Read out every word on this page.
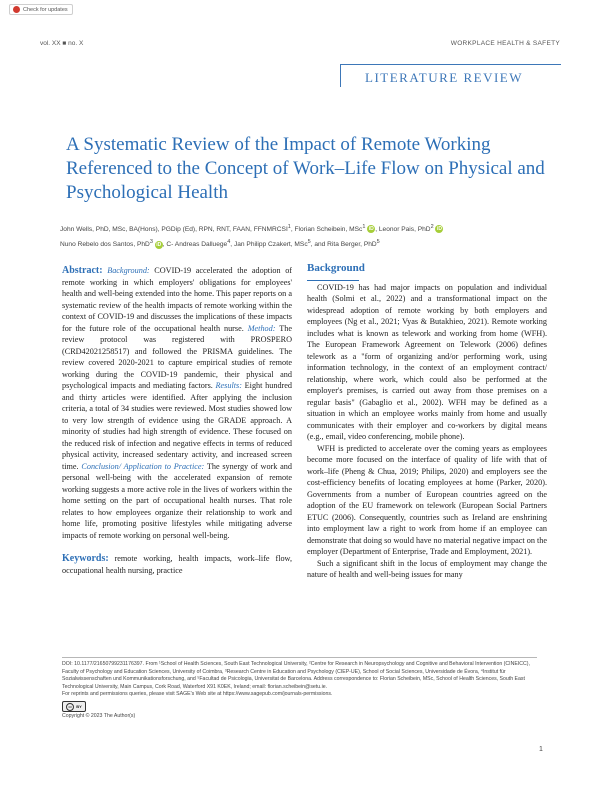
Check for updates
vol. XX ■ no. X	WORKPLACE HEALTH & SAFETY
LITERATURE REVIEW
A Systematic Review of the Impact of Remote Working Referenced to the Concept of Work–Life Flow on Physical and Psychological Health
John Wells, PhD, MSc, BA(Hons), PGDip (Ed), RPN, RNT, FAAN, FFNMRCSI$^1$, Florian Scheibein, MSc$^1$ iD , Leonor Pais, PhD$^2$ iD
Nuno Rebelo dos Santos, PhD$^3$ iD , C- Andreas Dalluege$^4$, Jan Philipp Czakert, MSc$^5$, and Rita Berger, PhD$^5$
Abstract: Background: COVID-19 accelerated the adoption of remote working in which employers' obligations for employees' health and well-being extended into the home. This paper reports on a systematic review of the health impacts of remote working within the context of COVID-19 and discusses the implications of these impacts for the future role of the occupational health nurse. Method: The review protocol was registered with PROSPERO (CRD42021258517) and followed the PRISMA guidelines. The review covered 2020-2021 to capture empirical studies of remote working during the COVID-19 pandemic, their physical and psychological impacts and mediating factors. Results: Eight hundred and thirty articles were identified. After applying the inclusion criteria, a total of 34 studies were reviewed. Most studies showed low to very low strength of evidence using the GRADE approach. A minority of studies had high strength of evidence. These focused on the reduced risk of infection and negative effects in terms of reduced physical activity, increased sedentary activity, and increased screen time. Conclusion/ Application to Practice: The synergy of work and personal well-being with the accelerated expansion of remote working suggests a more active role in the lives of workers within the home setting on the part of occupational health nurses. That role relates to how employees organize their relationship to work and home life, promoting positive lifestyles while mitigating adverse impacts of remote working on personal well-being.
Keywords: remote working, health impacts, work–life flow, occupational health nursing, practice
Background

COVID-19 has had major impacts on population and individual health (Solmi et al., 2022) and a transformational impact on the widespread adoption of remote working by both employers and employees (Ng et al., 2021; Vyas & Butakhieo, 2021). Remote working includes what is known as telework and working from home (WFH). The European Framework Agreement on Telework (2006) defines telework as a "form of organizing and/or performing work, using information technology, in the context of an employment contract/ relationship, where work, which could also be performed at the employer's premises, is carried out away from those premises on a regular basis" (Gabaglio et al., 2002). WFH may be defined as a situation in which an employee works mainly from home and usually communicates with their employer and co-workers by digital means (e.g., email, video conferencing, mobile phone).

WFH is predicted to accelerate over the coming years as employees become more focused on the interface of quality of life with that of work–life (Pheng & Chua, 2019; Philips, 2020) and employers see the cost-efficiency benefits of locating employees at home (Parker, 2020). Governments from a number of European countries agreed on the adoption of the EU framework on telework (European Social Partners ETUC (2006). Consequently, countries such as Ireland are enshrining into employment law a right to work from home if an employee can demonstrate that doing so would have no material negative impact on the employer (Department of Enterprise, Trade and Employment, 2021).

Such a significant shift in the locus of employment may change the nature of health and well-being issues for many

DOI: 10.1177/21650799231176397. From ¹School of Health Sciences, South East Technological University, ²Centre for Research in Neuropsychology and Cognitive and Behavioral Intervention (CINEICC), Faculty of Psychology and Education Sciences, University of Coimbra, ³Research Centre in Education and Psychology (CIEP-UE), School of Social Sciences, Universidade de Évora, ⁴Institut für Sozialwissenschaften und Kommunikationsforschung, and ⁵Facultad de Psicologia, Universitat de Barcelona. Address correspondence to: Florian Scheibein, MSc, School of Health Sciences, South East Technological University, Main Campus, Cork Road, Waterford X91 K0EK, Ireland; email: florian.scheibein@setu.ie.
For reprints and permissions queries, please visit SAGE's Web site at https://www.sagepub.com/journals-permissions.
cc	BY
Copyright © 2023 The Author(s)
1
